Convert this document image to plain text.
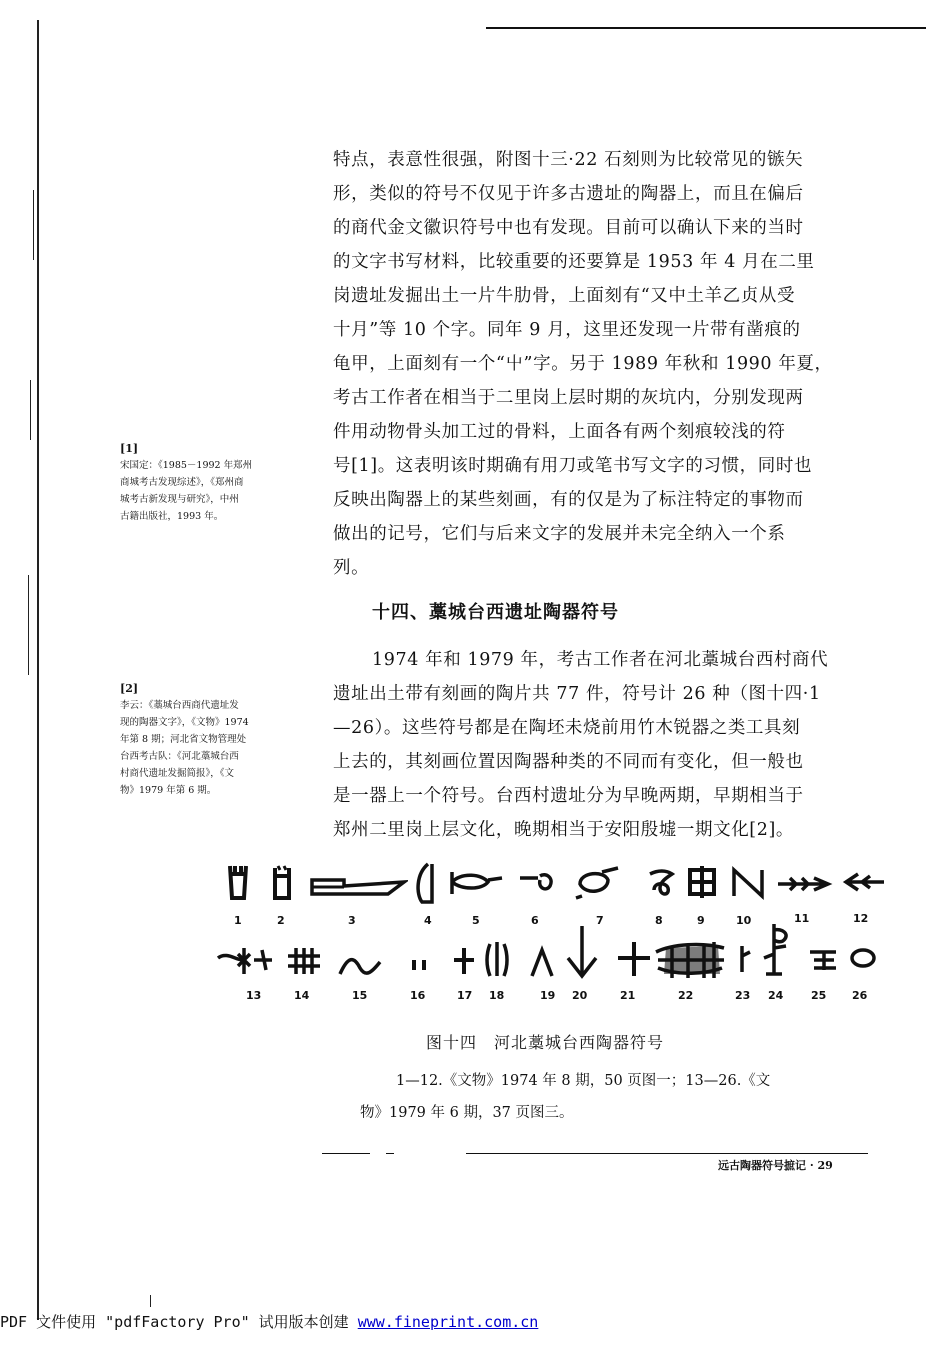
特点，表意性很强，附图十三·22 石刻则为比较常见的镞矢
形，类似的符号不仅见于许多古遗址的陶器上，而且在偏后
的商代金文徽识符号中也有发现。目前可以确认下来的当时
的文字书写材料，比较重要的还要算是 1953 年 4 月在二里
岗遗址发掘出土一片牛肋骨，上面刻有“又中土羊乙贞从受
十月”等 10 个字。同年 9 月，这里还发现一片带有凿痕的
龟甲，上面刻有一个“屮”字。另于 1989 年秋和 1990 年夏，
考古工作者在相当于二里岗上层时期的灰坑内，分别发现两
件用动物骨头加工过的骨料，上面各有两个刻痕较浅的符
号[1]。这表明该时期确有用刀或笔书写文字的习惯，同时也
反映出陶器上的某些刻画，有的仅是为了标注特定的事物而
做出的记号，它们与后来文字的发展并未完全纳入一个系
列。
[1]
宋国定：《1985－1992 年郑州
商城考古发现综述》，《郑州商
城考古新发现与研究》，中州
古籍出版社，1993 年。
[2]
李云：《藁城台西商代遗址发
现的陶器文字》，《文物》1974
年第 8 期；河北省文物管理处
台西考古队：《河北藁城台西
村商代遗址发掘简报》，《文
物》1979 年第 6 期。
十四、藁城台西遗址陶器符号
1974 年和 1979 年，考古工作者在河北藁城台西村商代
遗址出土带有刻画的陶片共 77 件，符号计 26 种（图十四·1
—26）。这些符号都是在陶坯未烧前用竹木锐器之类工具刻
上去的，其刻画位置因陶器种类的不同而有变化，但一般也
是一器上一个符号。台西村遗址分为早晚两期，早期相当于
郑州二里岗上层文化，晚期相当于安阳殷墟一期文化[2]。
1	2	3	4	5	6	7	8	9	10	11	12
13	14	15	16	17 18	19 20	21	22	23 24	25 26
图十四　河北藁城台西陶器符号
1—12.《文物》1974 年 8 期，50 页图一；13—26.《文
物》1979 年 6 期，37 页图三。
远古陶器符号摭记 · 29
PDF 文件使用 "pdfFactory Pro" 试用版本创建 www.fineprint.com.cn
